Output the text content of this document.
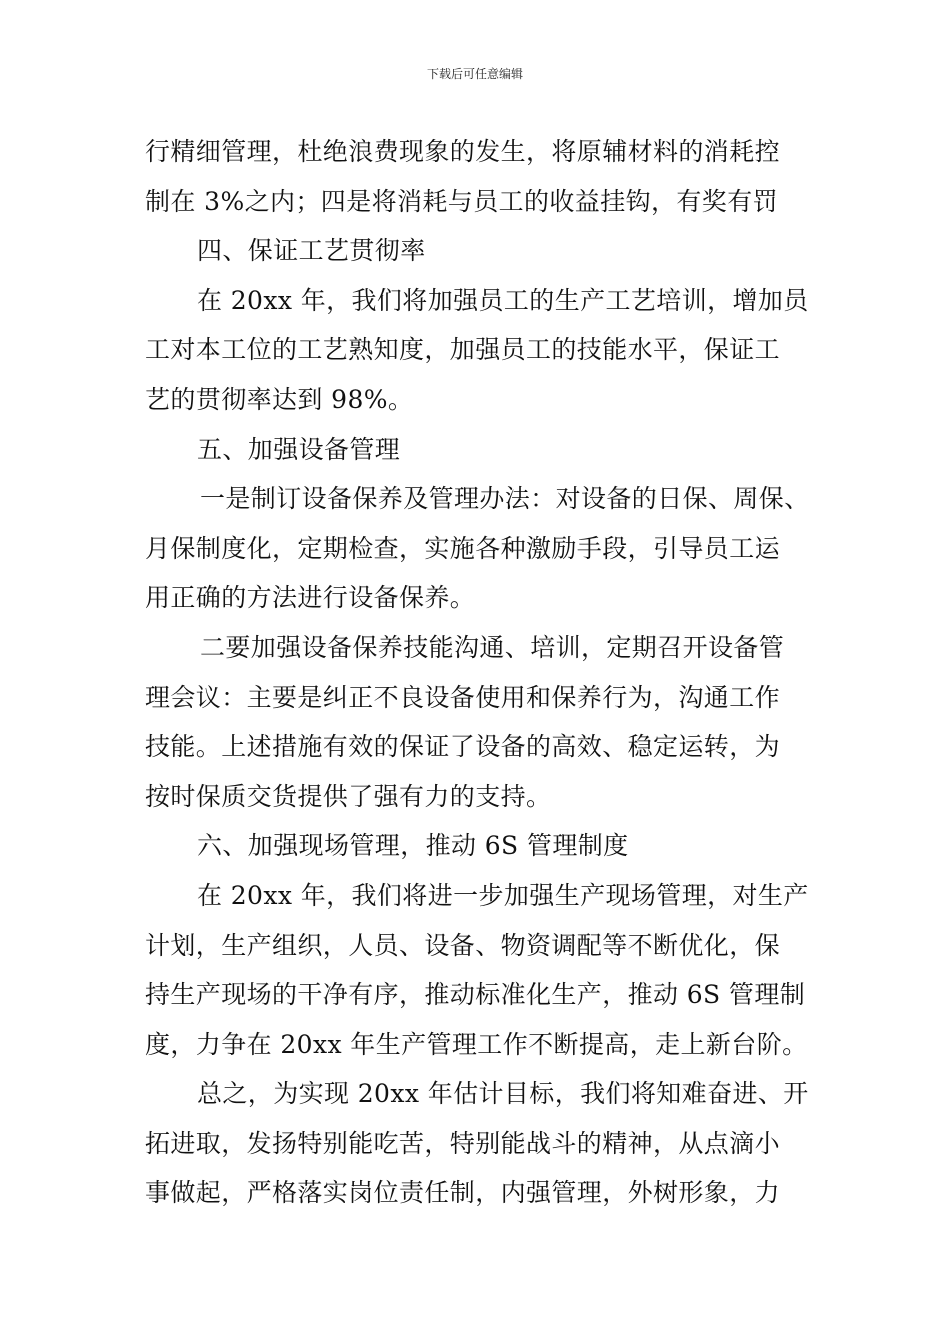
下载后可任意编辑
行精细管理，杜绝浪费现象的发生，将原辅材料的消耗控
制在 3%之内；四是将消耗与员工的收益挂钩，有奖有罚
四、保证工艺贯彻率
在 20xx 年，我们将加强员工的生产工艺培训，增加员
工对本工位的工艺熟知度，加强员工的技能水平，保证工
艺的贯彻率达到 98%。
五、加强设备管理
一是制订设备保养及管理办法：对设备的日保、周保、
月保制度化，定期检查，实施各种激励手段，引导员工运
用正确的方法进行设备保养。
二要加强设备保养技能沟通、培训，定期召开设备管
理会议：主要是纠正不良设备使用和保养行为，沟通工作
技能。上述措施有效的保证了设备的高效、稳定运转，为
按时保质交货提供了强有力的支持。
六、加强现场管理，推动 6S 管理制度
在 20xx 年，我们将进一步加强生产现场管理，对生产
计划，生产组织，人员、设备、物资调配等不断优化，保
持生产现场的干净有序，推动标准化生产，推动 6S 管理制
度，力争在 20xx 年生产管理工作不断提高，走上新台阶。
总之，为实现 20xx 年估计目标，我们将知难奋进、开
拓进取，发扬特别能吃苦，特别能战斗的精神，从点滴小
事做起，严格落实岗位责任制，内强管理，外树形象，力
